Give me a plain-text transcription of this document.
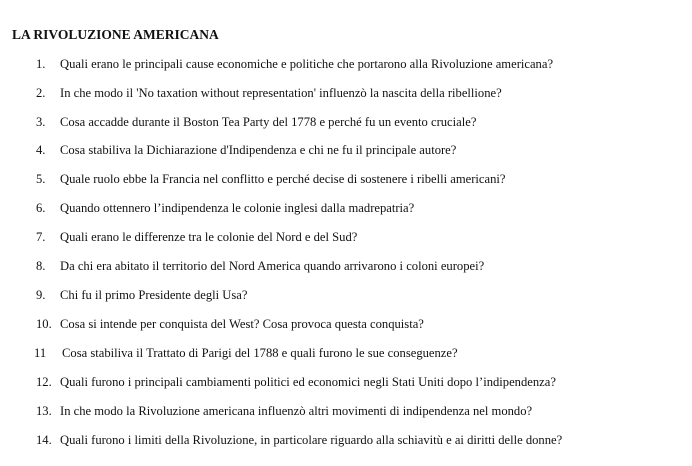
LA RIVOLUZIONE AMERICANA
1. Quali erano le principali cause economiche e politiche che portarono alla Rivoluzione americana?
2. In che modo il 'No taxation without representation' influenzò la nascita della ribellione?
3. Cosa accadde durante il Boston Tea Party del 1778 e perché fu un evento cruciale?
4. Cosa stabiliva la Dichiarazione d'Indipendenza e chi ne fu il principale autore?
5. Quale ruolo ebbe la Francia nel conflitto e perché decise di sostenere i ribelli americani?
6. Quando ottennero l’indipendenza le colonie inglesi dalla madrepatria?
7. Quali erano le differenze tra le colonie del Nord e del Sud?
8. Da chi era abitato il territorio del Nord America quando arrivarono i coloni europei?
9. Chi fu il primo Presidente degli Usa?
10. Cosa si intende per conquista del West? Cosa provoca questa conquista?
11 Cosa stabiliva il Trattato di Parigi del 1788 e quali furono le sue conseguenze?
12. Quali furono i principali cambiamenti politici ed economici negli Stati Uniti dopo l’indipendenza?
13. In che modo la Rivoluzione americana influenzò altri movimenti di indipendenza nel mondo?
14. Quali furono i limiti della Rivoluzione, in particolare riguardo alla schiavitù e ai diritti delle donne?
